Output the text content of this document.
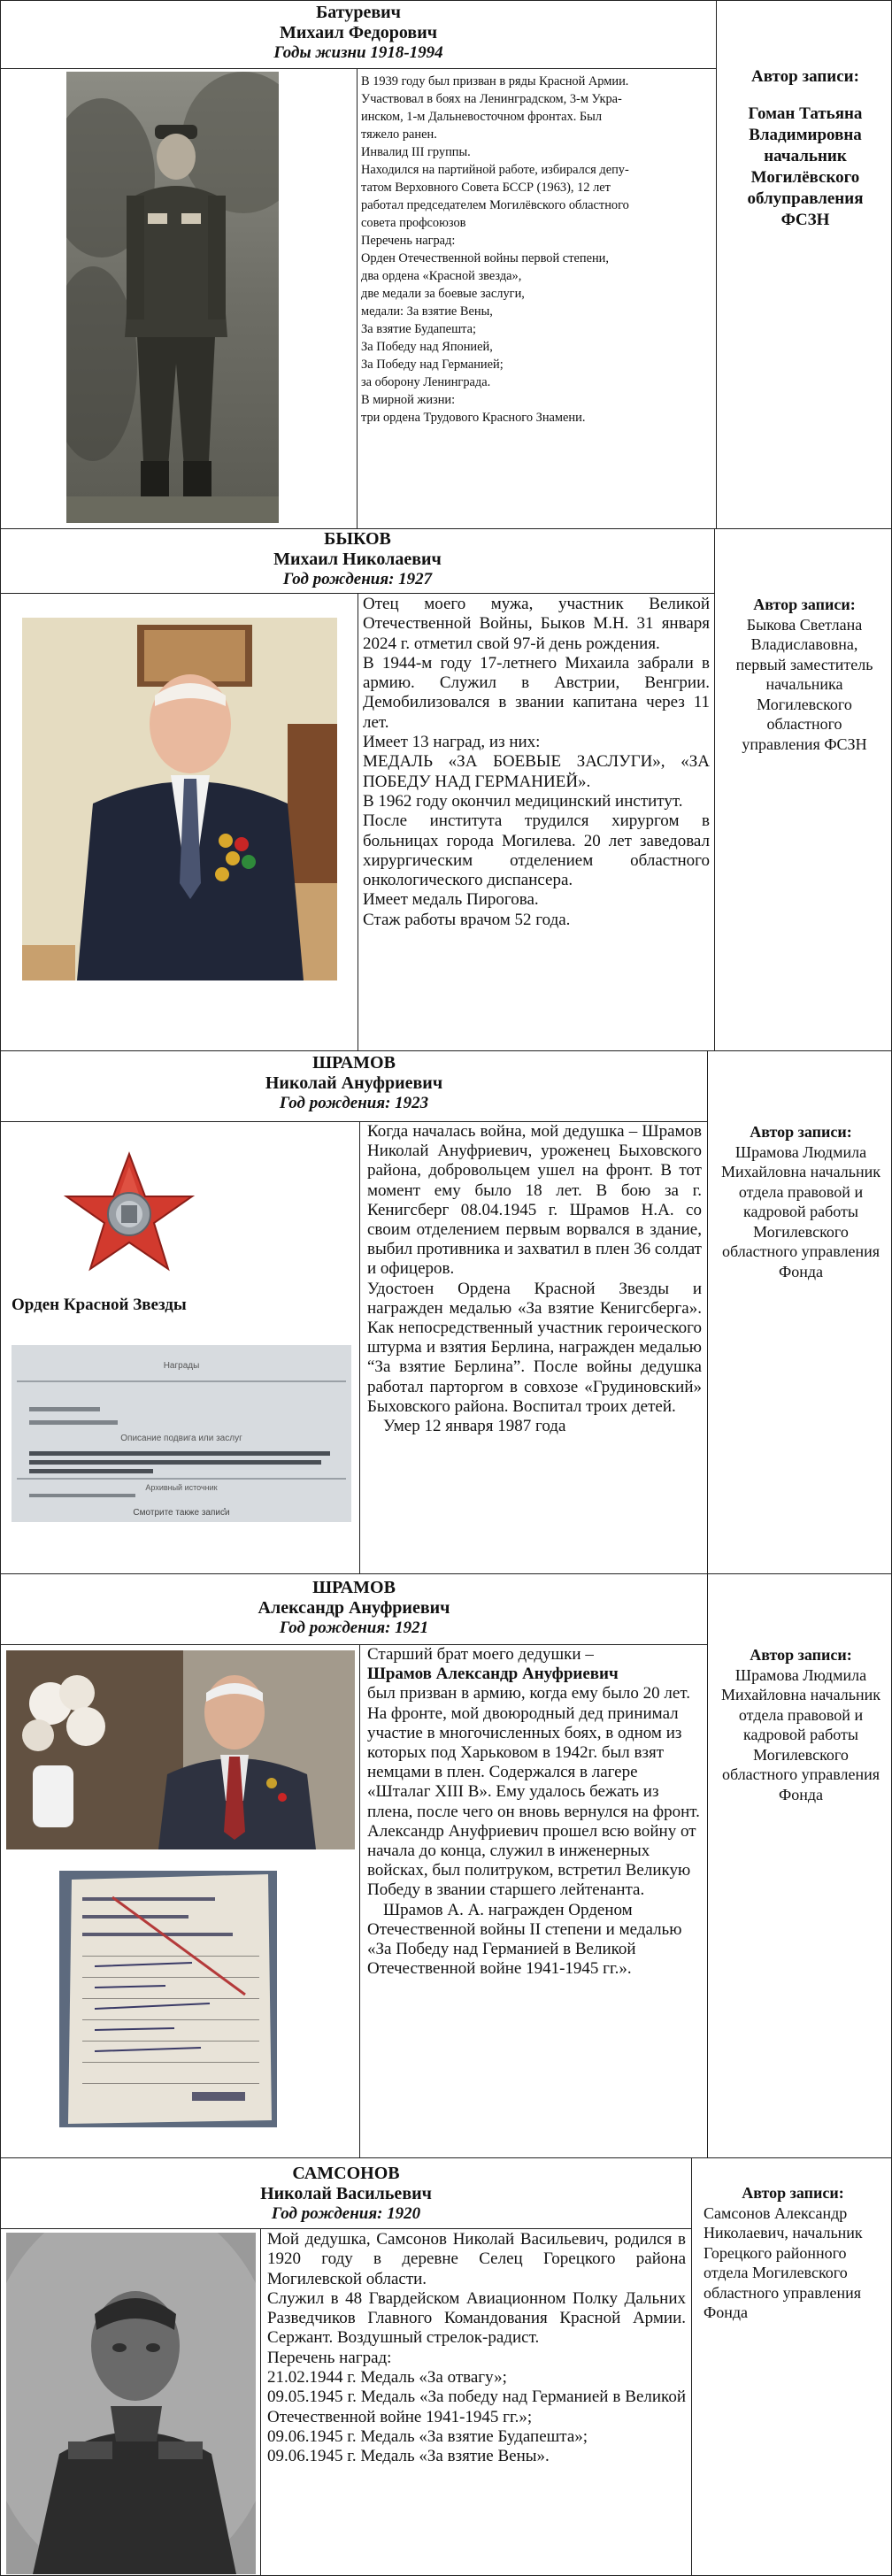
Батуревич
Михаил Федорович
Годы жизни 1918-1994

В 1939 году был призван в ряды Красной Армии.

Участвовал в боях на Ленинградском, 3-м Укра-

инском, 1-м Дальневосточном фронтах. Был

тяжело ранен.

Инвалид III группы.

Находился на партийной работе, избирался депу-

татом Верховного Совета БССР (1963), 12 лет

работал председателем Могилёвского областного

совета профсоюзов

Перечень наград:

Орден Отечественной войны первой степени,

два ордена «Красной звезда»,

две медали за боевые заслуги,

медали: За взятие Вены,

За взятие Будапешта;

За Победу над Японией,

За Победу над Германией;

за оборону Ленинграда.

В мирной жизни:

три ордена Трудового Красного Знамени.

Автор записи:
Гоман Татьяна Владимировна начальник Могилёвского облуправления ФСЗН
БЫКОВ
Михаил Николаевич
Год рождения: 1927

Отец моего мужа, участник Великой Отечественной Войны, Быков М.Н. 31 января 2024 г. отметил свой 97-й день рождения.

В 1944-м году 17-летнего Михаила забрали в армию. Служил в Австрии, Венгрии. Демобилизовался в звании капитана через 11 лет.

Имеет 13 наград, из них:

МЕДАЛЬ «ЗА БОЕВЫЕ ЗАСЛУГИ», «ЗА ПОБЕДУ НАД ГЕРМАНИЕЙ».

В 1962 году окончил медицинский институт.

После института трудился хирургом в больницах города Могилева. 20 лет заведовал хирургическим отделением областного онкологического диспансера.

Имеет медаль Пирогова.

Стаж работы врачом 52 года.

Автор записи:
Быкова Светлана Владиславовна, первый заместитель начальника Могилевского областного управления ФСЗН
ШРАМОВ
Николай Ануфриевич
Год рождения: 1923
Орден Красной Звезды
Награды
Описание подвига или заслуг
Архивный источник
Смотрите также записи

Когда началась война, мой дедушка – Шрамов Николай Ануфриевич, уроженец Быховского района, добровольцем ушел на фронт. В тот момент ему было 18 лет. В бою за г. Кенигсберг 08.04.1945 г. Шрамов Н.А. со своим отделением первым ворвался в здание, выбил противника и захватил в плен 36 солдат и офицеров.

Удостоен Ордена Красной Звезды и награжден медалью «За взятие Кенигсберга». Как непосредственный участник героического штурма и взятия Берлина, награжден медалью “За взятие Берлина”. После войны дедушка работал парторгом в совхозе «Грудиновский» Быховского района. Воспитал троих детей.

Умер 12 января 1987 года

Автор записи:
Шрамова Людмила Михайловна начальник отдела правовой и кадровой работы Могилевского областного управления Фонда
ШРАМОВ
Александр Ануфриевич
Год рождения: 1921

Старший брат моего дедушки –

Шрамов Александр Ануфриевич

был призван в армию, когда ему было 20 лет. На фронте, мой двоюродный дед принимал участие в многочисленных боях, в одном из которых под Харьковом в 1942г. был взят немцами в плен. Содержался в лагере «Шталаг XIII B». Ему удалось бежать из плена, после чего он вновь вернулся на фронт. Александр Ануфриевич прошел всю войну от начала до конца, служил в инженерных войсках, был политруком, встретил Великую Победу в звании старшего лейтенанта.

Шрамов А. А. награжден Орденом Отечественной войны II степени и медалью «За Победу над Германией в Великой Отечественной войне 1941-1945 гг.».

Автор записи:
Шрамова Людмила Михайловна начальник отдела правовой и кадровой работы Могилевского областного управления Фонда
САМСОНОВ
Николай Васильевич
Год рождения: 1920

Мой дедушка, Самсонов Николай Васильевич, родился в 1920 году в деревне Селец Горецкого района Могилевской области.

Служил в 48 Гвардейском Авиационном Полку Дальних Разведчиков Главного Командования Красной Армии. Сержант. Воздушный стрелок-радист.

Перечень наград:

21.02.1944 г. Медаль «За отвагу»;

09.05.1945 г. Медаль «За победу над Германией в Великой Отечественной войне 1941-1945 гг.»;

09.06.1945 г. Медаль «За взятие Будапешта»;

09.06.1945 г. Медаль «За взятие Вены».

Автор записи:
Самсонов Александр Николаевич, начальник Горецкого районного отдела Могилевского областного управления Фонда
